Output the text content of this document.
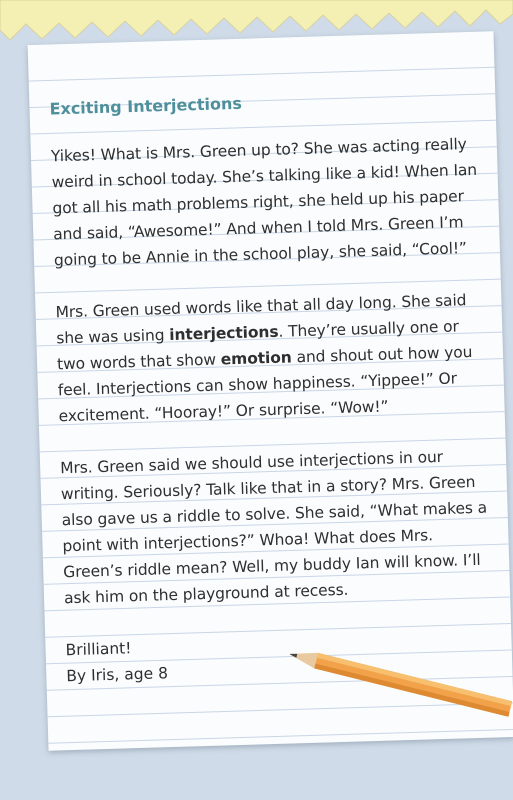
Exciting Interjections

Yikes! What is Mrs. Green up to? She was acting really weird in school today. She’s talking like a kid! When Ian got all his math problems right, she held up his paper and said, “Awesome!” And when I told Mrs. Green I’m going to be Annie in the school play, she said, “Cool!”

Mrs. Green used words like that all day long. She said she was using interjections. They’re usually one or two words that show emotion and shout out how you feel. Interjections can show happiness. “Yippee!” Or excitement. “Hooray!” Or surprise. “Wow!”

Mrs. Green said we should use interjections in our writing. Seriously? Talk like that in a story? Mrs. Green also gave us a riddle to solve. She said, “What makes a point with interjections?” Whoa! What does Mrs. Green’s riddle mean? Well, my buddy Ian will know. I’ll ask him on the playground at recess.

Brilliant!

By Iris, age 8
